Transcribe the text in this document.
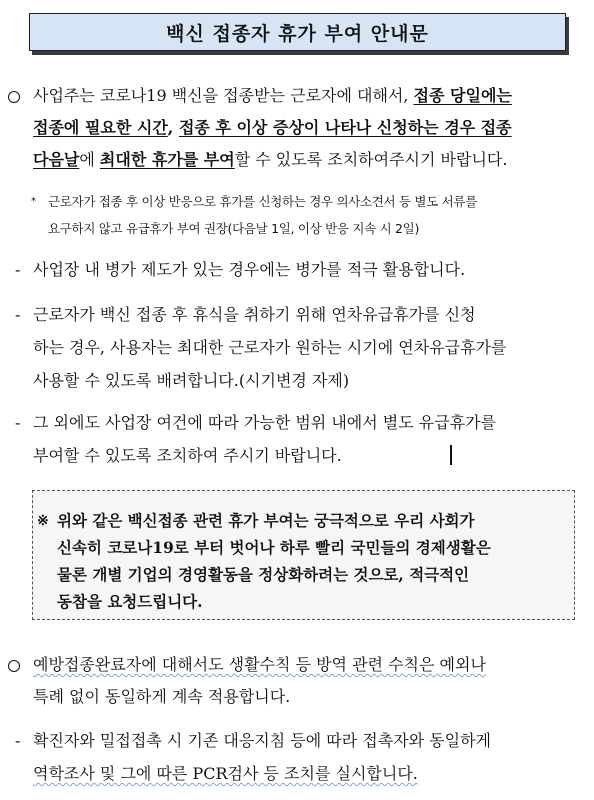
백신 접종자 휴가 부여 안내문
사업주는 코로나19 백신을 접종받는 근로자에 대해서, 접종 당일에는
접종에 필요한 시간, 접종 후 이상 증상이 나타나 신청하는 경우 접종
다음날에 최대한 휴가를 부여할 수 있도록 조치하여주시기 바랍니다.
* 근로자가 접종 후 이상 반응으로 휴가를 신청하는 경우 의사소견서 등 별도 서류를
요구하지 않고 유급휴가 부여 권장(다음날 1일, 이상 반응 지속 시 2일)
- 사업장 내 병가 제도가 있는 경우에는 병가를 적극 활용합니다.
- 근로자가 백신 접종 후 휴식을 취하기 위해 연차유급휴가를 신청
하는 경우, 사용자는 최대한 근로자가 원하는 시기에 연차유급휴가를
사용할 수 있도록 배려합니다.(시기변경 자제)
- 그 외에도 사업장 여건에 따라 가능한 범위 내에서 별도 유급휴가를
부여할 수 있도록 조치하여 주시기 바랍니다.
※ 위와 같은 백신접종 관련 휴가 부여는 궁극적으로 우리 사회가
신속히 코로나19로 부터 벗어나 하루 빨리 국민들의 경제생활은
물론 개별 기업의 경영활동을 정상화하려는 것으로, 적극적인
동참을 요청드립니다.
예방접종완료자에 대해서도 생활수칙 등 방역 관련 수칙은 예외나
특례 없이 동일하게 계속 적용합니다.
- 확진자와 밀접접촉 시 기존 대응지침 등에 따라 접촉자와 동일하게
역학조사 및 그에 따른 PCR검사 등 조치를 실시합니다.
